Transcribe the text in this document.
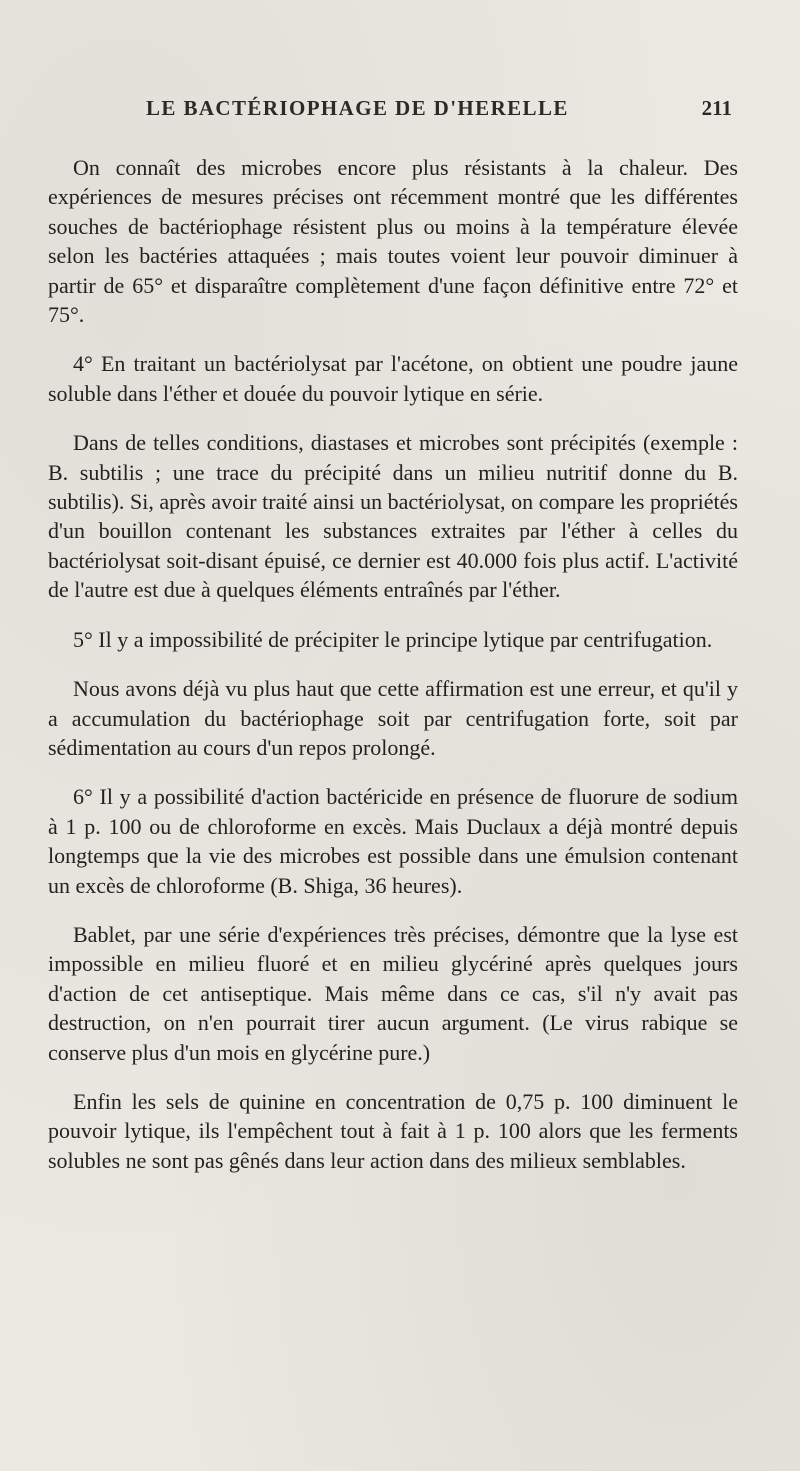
LE BACTÉRIOPHAGE DE D'HERELLE	211

On connaît des microbes encore plus résistants à la chaleur. Des expériences de mesures précises ont récemment montré que les différentes souches de bactériophage résistent plus ou moins à la température élevée selon les bactéries attaquées ; mais toutes voient leur pouvoir diminuer à partir de 65° et disparaître complètement d'une façon définitive entre 72° et 75°.

4° En traitant un bactériolysat par l'acétone, on obtient une poudre jaune soluble dans l'éther et douée du pouvoir lytique en série.

Dans de telles conditions, diastases et microbes sont précipités (exemple : B. subtilis ; une trace du précipité dans un milieu nutritif donne du B. subtilis). Si, après avoir traité ainsi un bactériolysat, on compare les propriétés d'un bouillon contenant les substances extraites par l'éther à celles du bactériolysat soit-disant épuisé, ce dernier est 40.000 fois plus actif. L'activité de l'autre est due à quelques éléments entraînés par l'éther.

5° Il y a impossibilité de précipiter le principe lytique par centrifugation.

Nous avons déjà vu plus haut que cette affirmation est une erreur, et qu'il y a accumulation du bactériophage soit par centrifugation forte, soit par sédimentation au cours d'un repos prolongé.

6° Il y a possibilité d'action bactéricide en présence de fluorure de sodium à 1 p. 100 ou de chloroforme en excès. Mais Duclaux a déjà montré depuis longtemps que la vie des microbes est possible dans une émulsion contenant un excès de chloroforme (B. Shiga, 36 heures).

Bablet, par une série d'expériences très précises, démontre que la lyse est impossible en milieu fluoré et en milieu glycériné après quelques jours d'action de cet antiseptique. Mais même dans ce cas, s'il n'y avait pas destruction, on n'en pourrait tirer aucun argument. (Le virus rabique se conserve plus d'un mois en glycérine pure.)

Enfin les sels de quinine en concentration de 0,75 p. 100 diminuent le pouvoir lytique, ils l'empêchent tout à fait à 1 p. 100 alors que les ferments solubles ne sont pas gênés dans leur action dans des milieux semblables.
